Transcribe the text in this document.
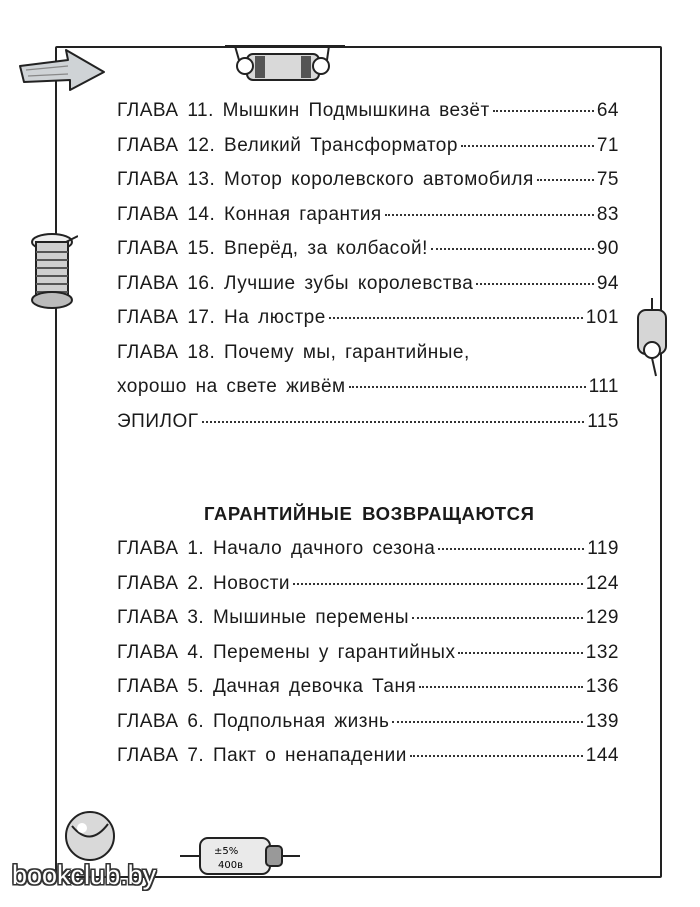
±5%
400в
ГЛАВА 11. Мышкин Подмышкина везёт	64
ГЛАВА 12. Великий Трансформатор	71
ГЛАВА 13. Мотор королевского автомобиля	75
ГЛАВА 14. Конная гарантия	83
ГЛАВА 15. Вперёд, за колбасой!	90
ГЛАВА 16. Лучшие зубы королевства	94
ГЛАВА 17. На люстре	101
ГЛАВА 18. Почему мы, гарантийные,
хорошо на свете живём	111
ЭПИЛОГ	115
ГАРАНТИЙНЫЕ ВОЗВРАЩАЮТСЯ
ГЛАВА 1. Начало дачного сезона	119
ГЛАВА 2. Новости	124
ГЛАВА 3. Мышиные перемены	129
ГЛАВА 4. Перемены у гарантийных	132
ГЛАВА 5. Дачная девочка Таня	136
ГЛАВА 6. Подпольная жизнь	139
ГЛАВА 7. Пакт о ненападении	144
bookclub.by
